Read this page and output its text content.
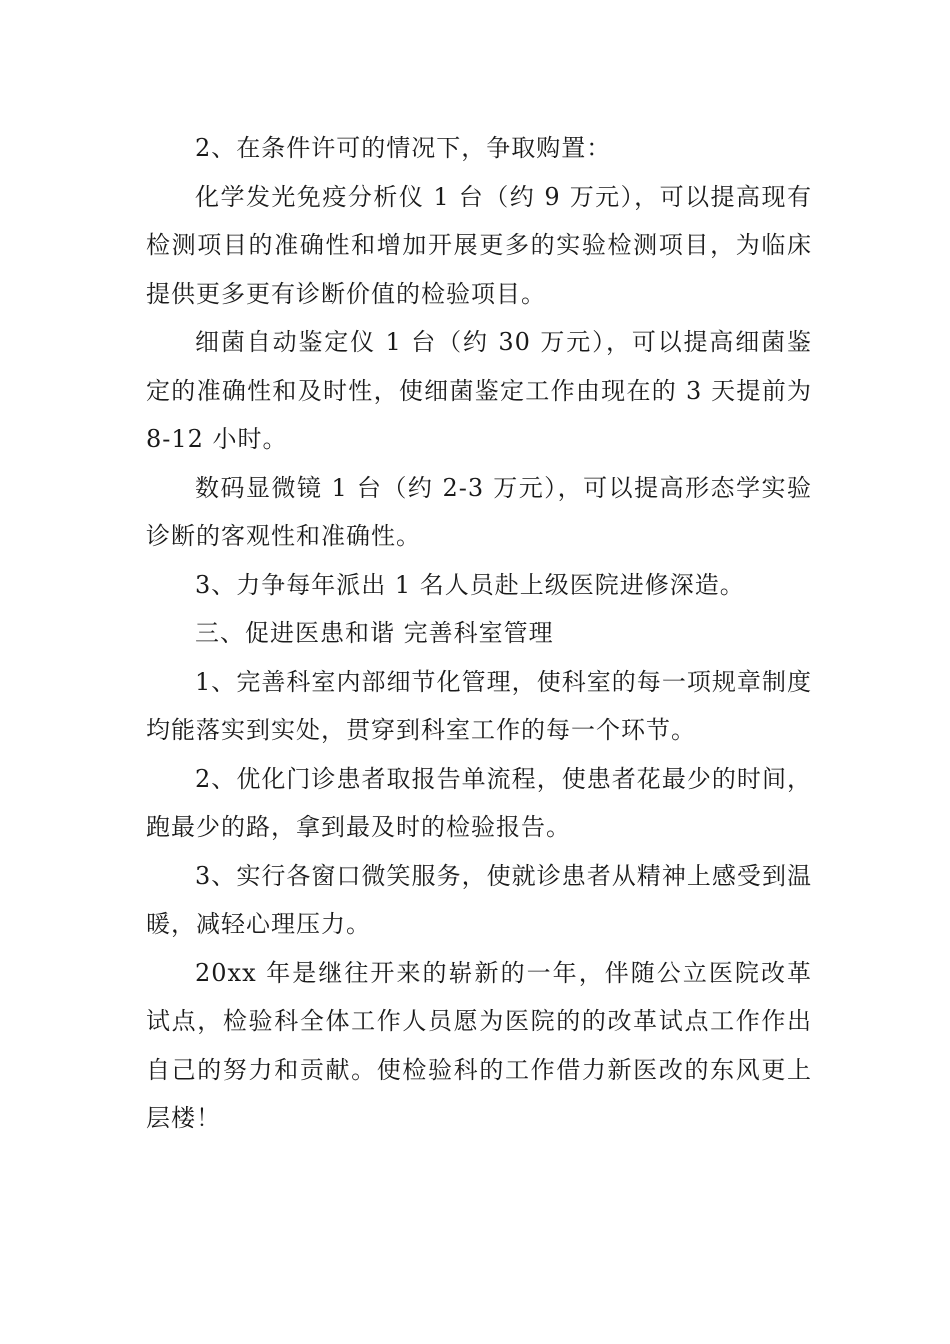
2、在条件许可的情况下，争取购置：

化学发光免疫分析仪 1 台（约 9 万元），可以提高现有检测项目的准确性和增加开展更多的实验检测项目，为临床提供更多更有诊断价值的检验项目。

细菌自动鉴定仪 1 台（约 30 万元），可以提高细菌鉴定的准确性和及时性，使细菌鉴定工作由现在的 3 天提前为 8-12 小时。

数码显微镜 1 台（约 2-3 万元），可以提高形态学实验诊断的客观性和准确性。

3、力争每年派出 1 名人员赴上级医院进修深造。

三、促进医患和谐 完善科室管理

1、完善科室内部细节化管理，使科室的每一项规章制度均能落实到实处，贯穿到科室工作的每一个环节。

2、优化门诊患者取报告单流程，使患者花最少的时间，跑最少的路，拿到最及时的检验报告。

3、实行各窗口微笑服务，使就诊患者从精神上感受到温暖，减轻心理压力。

20xx 年是继往开来的崭新的一年，伴随公立医院改革试点，检验科全体工作人员愿为医院的的改革试点工作作出自己的努力和贡献。使检验科的工作借力新医改的东风更上层楼！
